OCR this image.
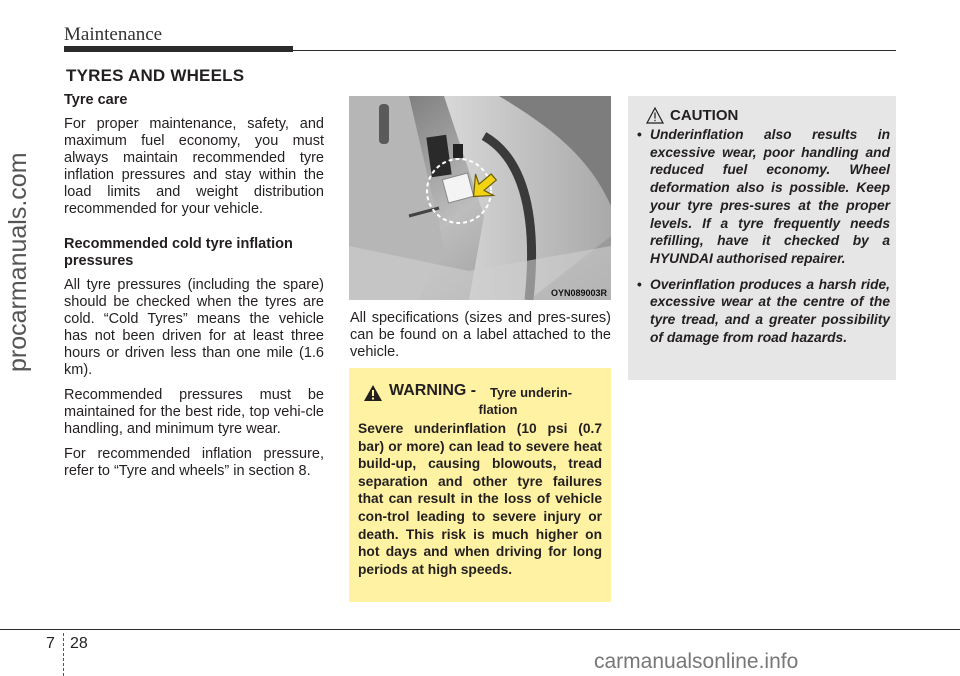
Maintenance
TYRES AND WHEELS
Tyre care

For proper maintenance, safety, and maximum fuel economy, you must always maintain recommended tyre inflation pressures and stay within the load limits and weight distribution recommended for your vehicle.

Recommended cold tyre inflation
pressures

All tyre pressures (including the spare) should be checked when the tyres are cold. “Cold Tyres” means the vehicle has not been driven for at least three hours or driven less than one mile (1.6 km).

Recommended pressures must be maintained for the best ride, top vehi-cle handling, and minimum tyre wear.

For recommended inflation pressure, refer to “Tyre and wheels” in section 8.

OYN089003R
All specifications (sizes and pres-sures) can be found on a label attached to the vehicle.
WARNING - Tyre underin-
flation
Severe underinflation (10 psi (0.7 bar) or more) can lead to severe heat build-up, causing blowouts, tread separation and other tyre failures that can result in the loss of vehicle con-trol leading to severe injury or death. This risk is much higher on hot days and when driving for long periods at high speeds.
CAUTION
• Underinflation also results in excessive wear, poor handling and reduced fuel economy. Wheel deformation also is possible. Keep your tyre pres-sures at the proper levels. If a tyre frequently needs refilling, have it checked by a HYUNDAI authorised repairer.
• Overinflation produces a harsh ride, excessive wear at the centre of the tyre tread, and a greater possibility of damage from road hazards.
procarmanuals.com
7 28
carmanualsonline.info
